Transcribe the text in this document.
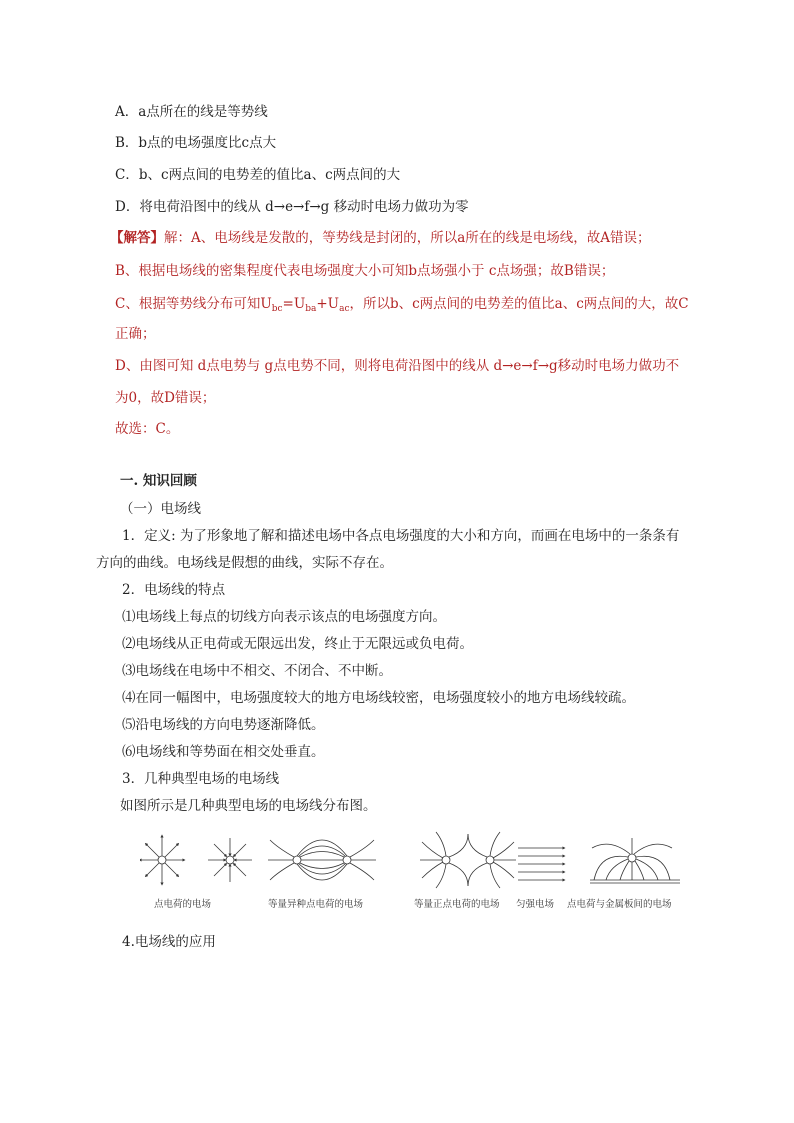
A．a点所在的线是等势线
B．b点的电场强度比c点大
C．b、c两点间的电势差的值比a、c两点间的大
D．将电荷沿图中的线从 d→e→f→g 移动时电场力做功为零
【解答】解：A、电场线是发散的，等势线是封闭的，所以a所在的线是电场线，故A错误；
B、根据电场线的密集程度代表电场强度大小可知b点场强小于 c点场强；故B错误；
C、根据等势线分布可知$U_{bc}=U_{ba}+U_{ac}$，所以b、c两点间的电势差的值比a、c两点间的大，故C
正确；
D、由图可知 d点电势与 g点电势不同，则将电荷沿图中的线从 d→e→f→g移动时电场力做功不
为0，故D错误；
故选：C。
一. 知识回顾
（一）电场线
1．定义: 为了形象地了解和描述电场中各点电场强度的大小和方向，而画在电场中的一条条有
方向的曲线。电场线是假想的曲线，实际不存在。
2．电场线的特点
⑴电场线上每点的切线方向表示该点的电场强度方向。
⑵电场线从正电荷或无限远出发，终止于无限远或负电荷。
⑶电场线在电场中不相交、不闭合、不中断。
⑷在同一幅图中，电场强度较大的地方电场线较密，电场强度较小的地方电场线较疏。
⑸沿电场线的方向电势逐渐降低。
⑹电场线和等势面在相交处垂直。
3．几种典型电场的电场线
如图所示是几种典型电场的电场线分布图。
点电荷的电场	等量异种点电荷的电场	等量正点电荷的电场 匀强电场 点电荷与金属板间的电场
4.电场线的应用
